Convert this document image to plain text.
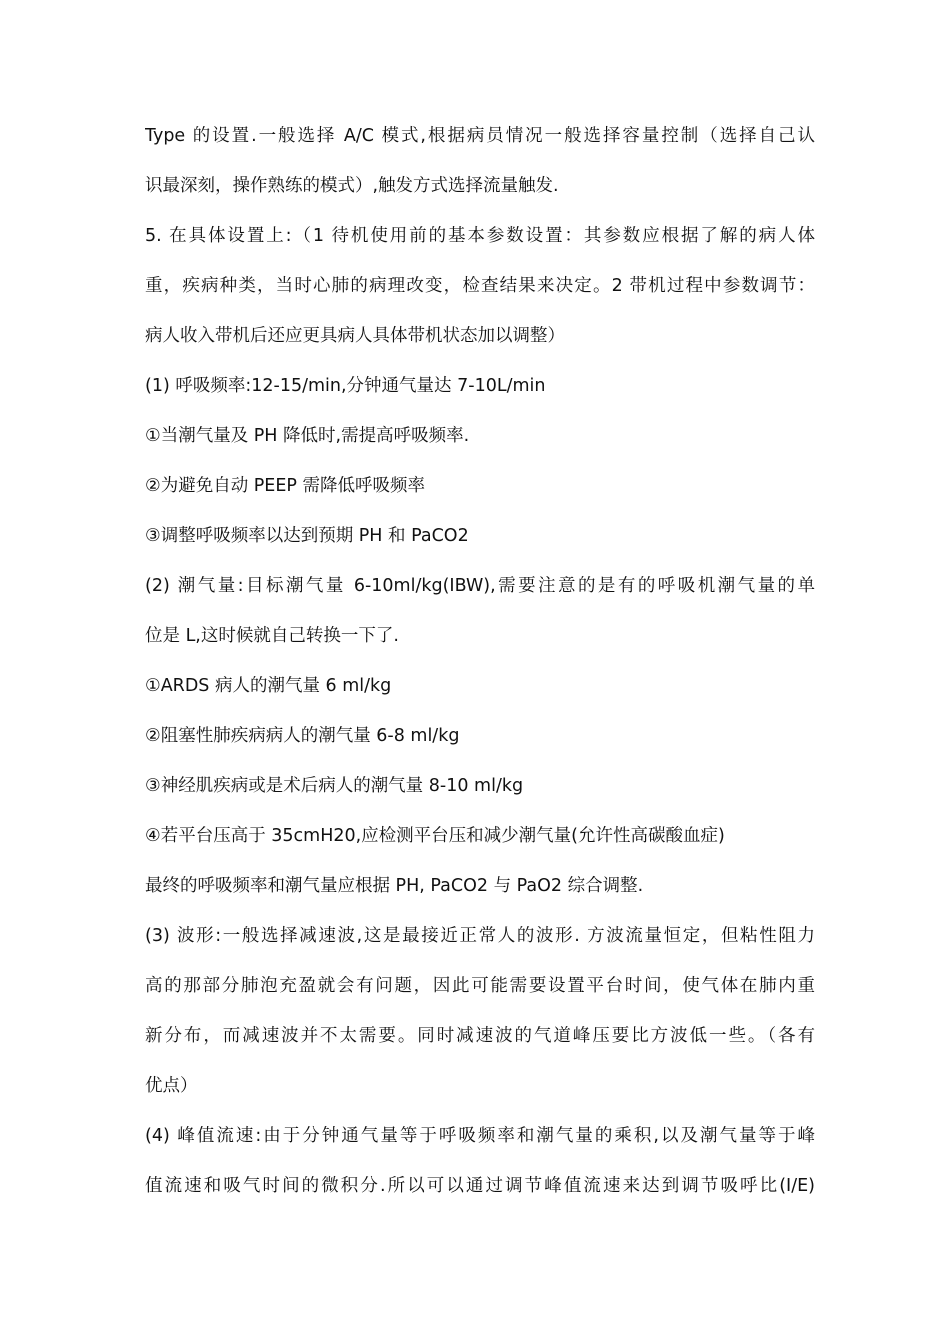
Type 的设置.一般选择 A/C 模式,根据病员情况一般选择容量控制（选择自己认
识最深刻，操作熟练的模式）,触发方式选择流量触发.
5. 在具体设置上:（1 待机使用前的基本参数设置：其参数应根据了解的病人体
重，疾病种类，当时心肺的病理改变，检查结果来决定。2 带机过程中参数调节：
病人收入带机后还应更具病人具体带机状态加以调整）
(1) 呼吸频率:12-15/min,分钟通气量达 7-10L/min
①当潮气量及 PH 降低时,需提高呼吸频率.
②为避免自动 PEEP 需降低呼吸频率
③调整呼吸频率以达到预期 PH 和 PaCO2
(2) 潮气量:目标潮气量 6-10ml/kg(IBW),需要注意的是有的呼吸机潮气量的单
位是 L,这时候就自己转换一下了.
①ARDS 病人的潮气量 6 ml/kg
②阻塞性肺疾病病人的潮气量 6-8 ml/kg
③神经肌疾病或是术后病人的潮气量 8-10 ml/kg
④若平台压高于 35cmH20,应检测平台压和减少潮气量(允许性高碳酸血症)
最终的呼吸频率和潮气量应根据 PH, PaCO2 与 PaO2 综合调整.
(3) 波形:一般选择减速波,这是最接近正常人的波形. 方波流量恒定，但粘性阻力
高的那部分肺泡充盈就会有问题，因此可能需要设置平台时间，使气体在肺内重
新分布，而减速波并不太需要。同时减速波的气道峰压要比方波低一些。（各有
优点）
(4) 峰值流速:由于分钟通气量等于呼吸频率和潮气量的乘积,以及潮气量等于峰
值流速和吸气时间的微积分.所以可以通过调节峰值流速来达到调节吸呼比(I/E)
